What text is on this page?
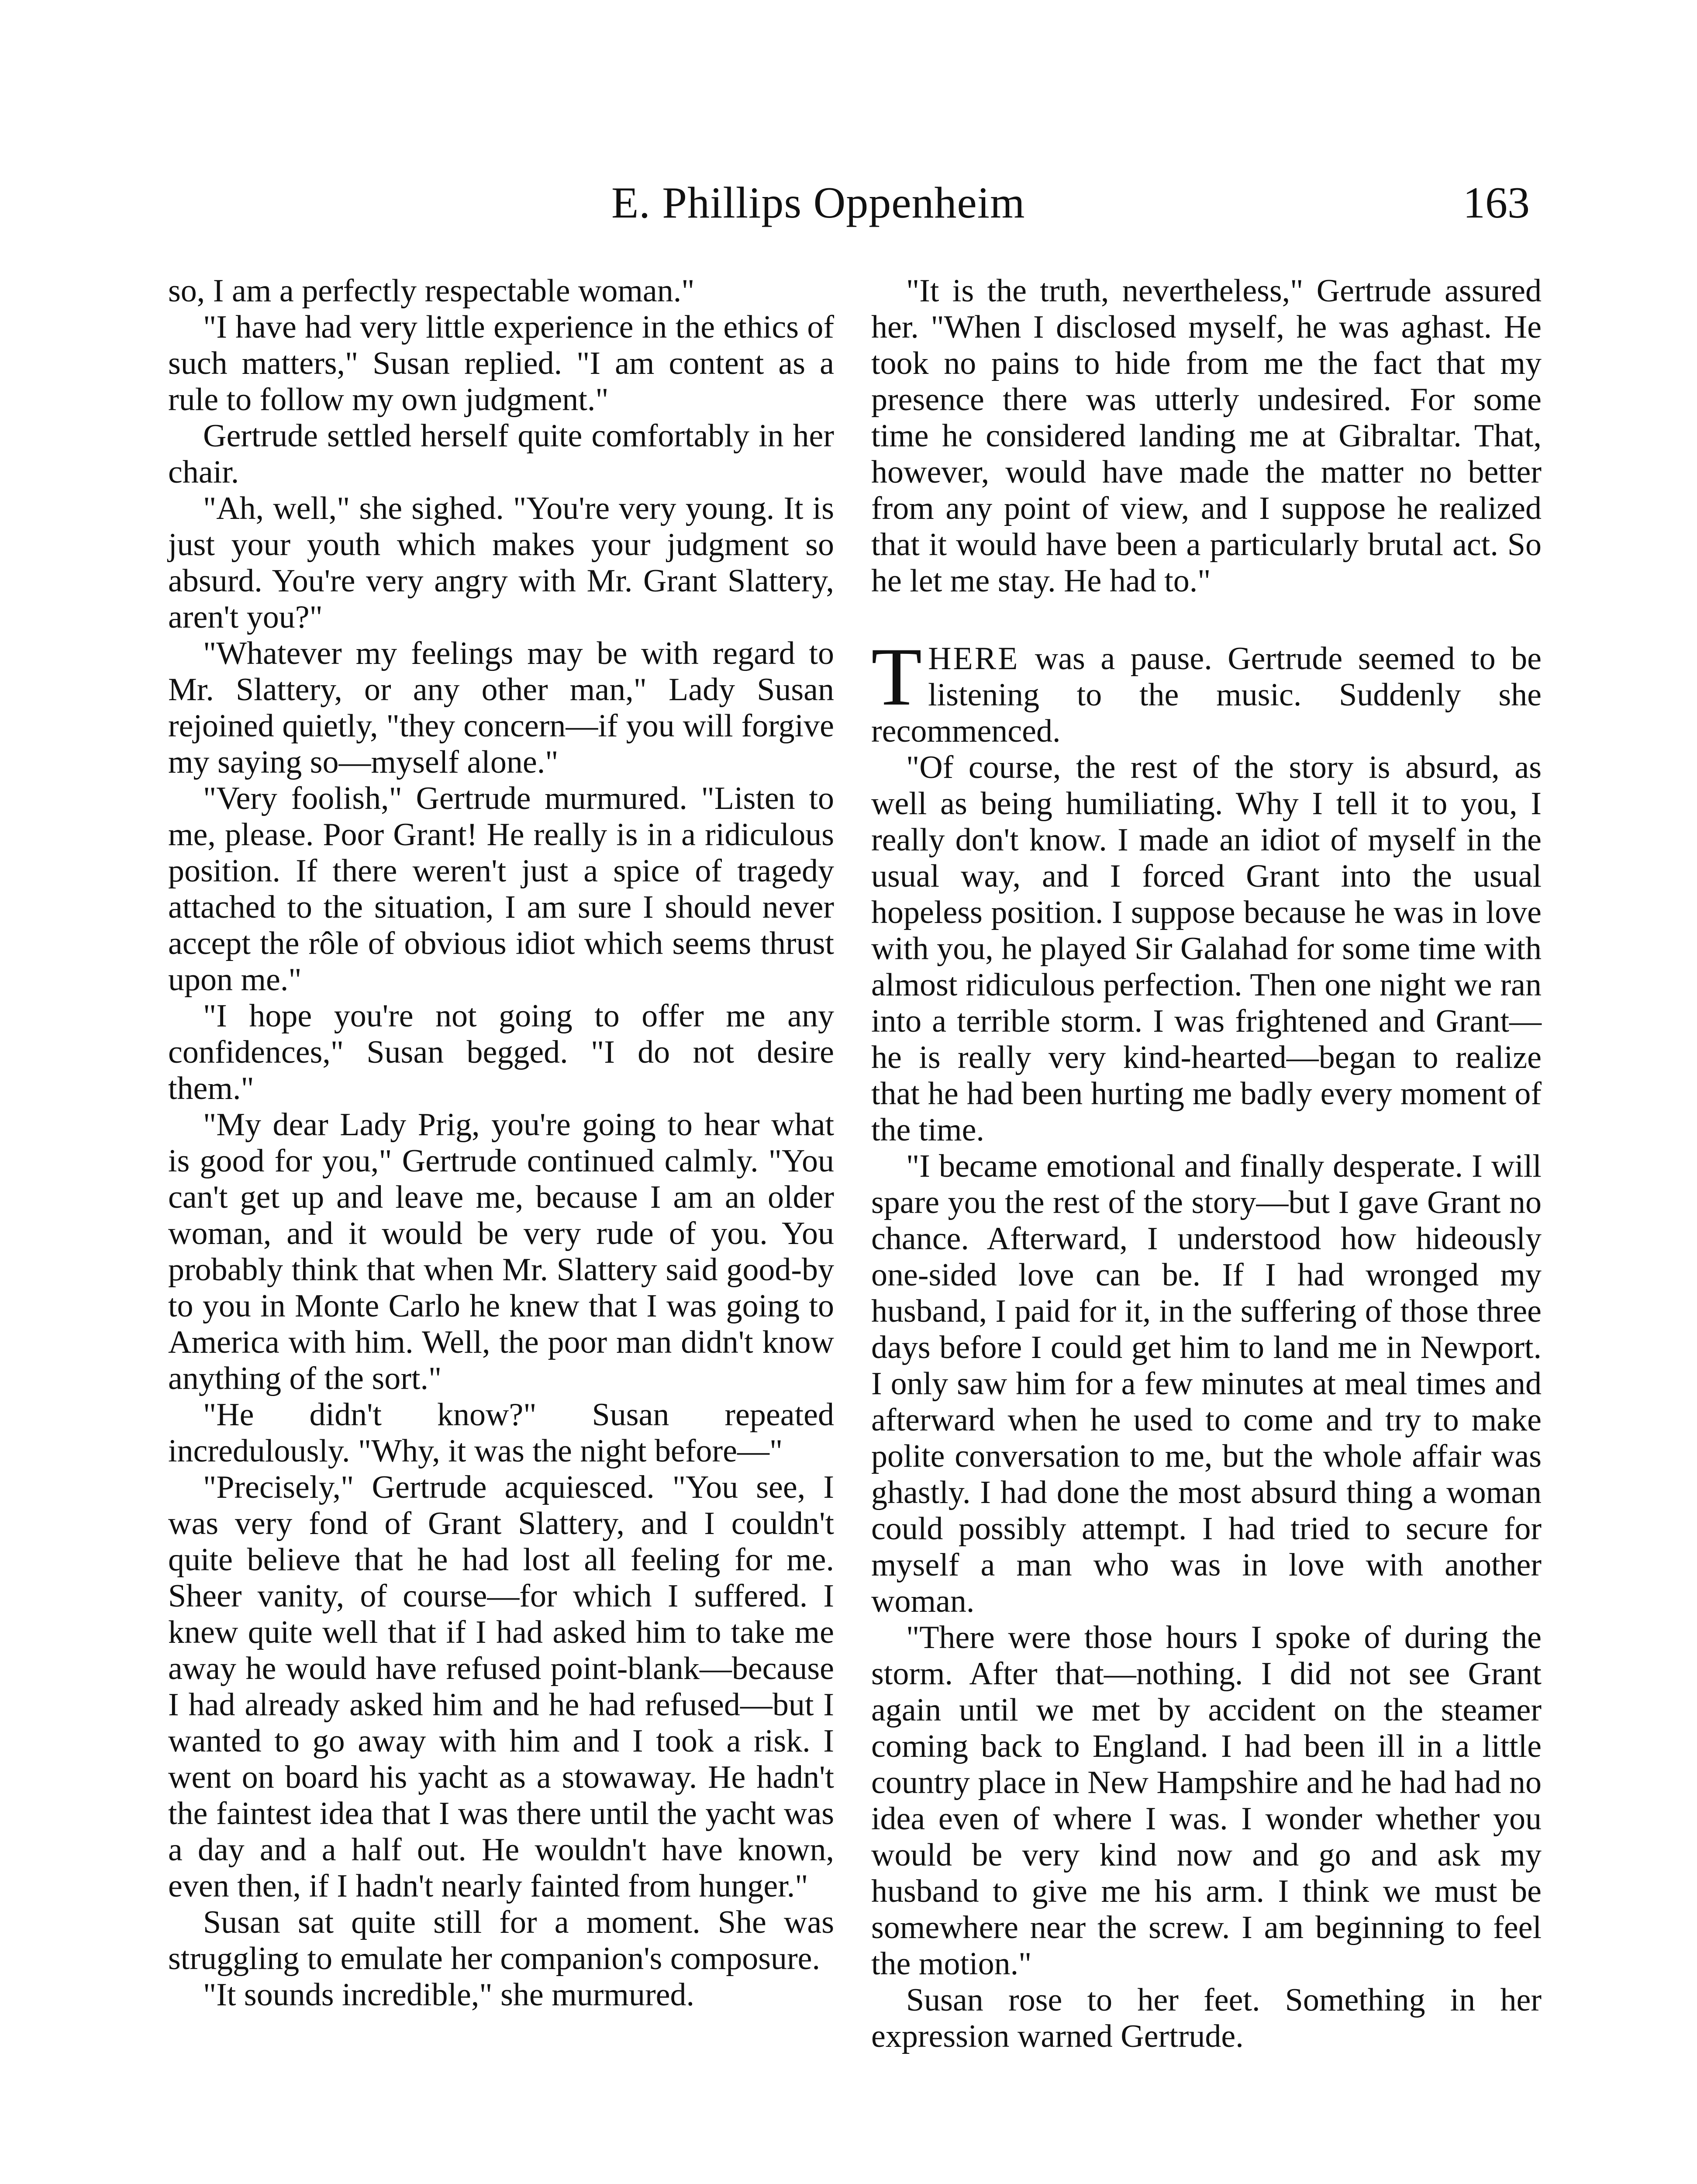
E. Phillips Oppenheim	163

so, I am a perfectly respectable woman."

"I have had very little experience in the ethics of such matters," Susan replied. "I am content as a rule to follow my own judgment."

Gertrude settled herself quite comfortably in her chair.

"Ah, well," she sighed. "You're very young. It is just your youth which makes your judgment so absurd. You're very angry with Mr. Grant Slattery, aren't you?"

"Whatever my feelings may be with regard to Mr. Slattery, or any other man," Lady Susan rejoined quietly, "they concern—if you will forgive my saying so—myself alone."

"Very foolish," Gertrude murmured. "Listen to me, please. Poor Grant! He really is in a ridiculous position. If there weren't just a spice of tragedy attached to the situation, I am sure I should never accept the rôle of obvious idiot which seems thrust upon me."

"I hope you're not going to offer me any confidences," Susan begged. "I do not desire them."

"My dear Lady Prig, you're going to hear what is good for you," Gertrude continued calmly. "You can't get up and leave me, because I am an older woman, and it would be very rude of you. You probably think that when Mr. Slattery said good-by to you in Monte Carlo he knew that I was going to America with him. Well, the poor man didn't know anything of the sort."

"He didn't know?" Susan repeated incredulously. "Why, it was the night before—"

"Precisely," Gertrude acquiesced. "You see, I was very fond of Grant Slattery, and I couldn't quite believe that he had lost all feeling for me. Sheer vanity, of course—for which I suffered. I knew quite well that if I had asked him to take me away he would have refused point-blank—because I had already asked him and he had refused—but I wanted to go away with him and I took a risk. I went on board his yacht as a stowaway. He hadn't the faintest idea that I was there until the yacht was a day and a half out. He wouldn't have known, even then, if I hadn't nearly fainted from hunger."

Susan sat quite still for a moment. She was struggling to emulate her companion's composure.

"It sounds incredible," she murmured.

"It is the truth, nevertheless," Gertrude assured her. "When I disclosed myself, he was aghast. He took no pains to hide from me the fact that my presence there was utterly undesired. For some time he considered landing me at Gibraltar. That, however, would have made the matter no better from any point of view, and I suppose he realized that it would have been a particularly brutal act. So he let me stay. He had to."

THERE was a pause. Gertrude seemed to be listening to the music. Suddenly she recommenced.

"Of course, the rest of the story is absurd, as well as being humiliating. Why I tell it to you, I really don't know. I made an idiot of myself in the usual way, and I forced Grant into the usual hopeless position. I suppose because he was in love with you, he played Sir Galahad for some time with almost ridiculous perfection. Then one night we ran into a terrible storm. I was frightened and Grant—he is really very kind-hearted—began to realize that he had been hurting me badly every moment of the time.

"I became emotional and finally desperate. I will spare you the rest of the story—but I gave Grant no chance. Afterward, I understood how hideously one-sided love can be. If I had wronged my husband, I paid for it, in the suffering of those three days before I could get him to land me in Newport. I only saw him for a few minutes at meal times and afterward when he used to come and try to make polite conversation to me, but the whole affair was ghastly. I had done the most absurd thing a woman could possibly attempt. I had tried to secure for myself a man who was in love with another woman.

"There were those hours I spoke of during the storm. After that—nothing. I did not see Grant again until we met by accident on the steamer coming back to England. I had been ill in a little country place in New Hampshire and he had had no idea even of where I was. I wonder whether you would be very kind now and go and ask my husband to give me his arm. I think we must be somewhere near the screw. I am beginning to feel the motion."

Susan rose to her feet. Something in her expression warned Gertrude.
